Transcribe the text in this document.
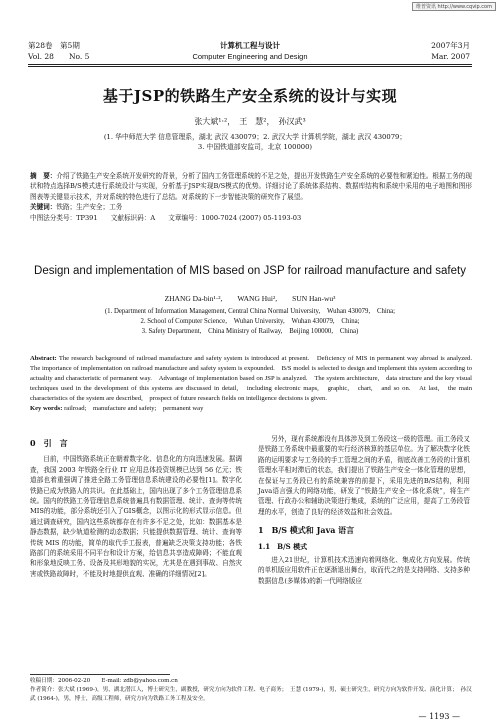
维普资讯 http://www.cqvip.com
第28卷　第5期
Vol. 28　　No. 5
计算机工程与设计
Computer Engineering and Design
2007年3月
Mar. 2007
基于JSP的铁路生产安全系统的设计与实现
张大斌¹·²，　王　慧²，　孙汉武³
(1. 华中师范大学 信息管理系，湖北 武汉 430079；2. 武汉大学 计算机学院，湖北 武汉 430079；
3. 中国铁道部安监司，北京 100000)
摘　要：介绍了铁路生产安全系统开发研究的背景，分析了国内工务管理系统的不足之处，提出开发铁路生产安全系统的必要性和紧迫性。根据工务的现状和特点选择B/S模式进行系统设计与实现，分析基于JSP实现B/S模式的优势。详细讨论了系统体系结构、数据库结构和系统中采用的电子地图和图形图表等关键显示技术，并对系统的特色进行了总结。对系统的下一步智能决策的研究作了展望。
关键词：铁路；生产安全；工务
中图法分类号：TP391　　文献标识码：A　　文章编号：1000-7024 (2007) 05-1193-03
Design and implementation of MIS based on JSP for railroad manufacture and safety
ZHANG Da-bin¹·²,　　WANG Hui²,　　SUN Han-wu³
(1. Department of Information Management, Central China Normal University,　Wuhan 430079,　China;
2. School of Computer Science,　Wuhan University,　Wuhan 430079,　China;
3. Safety Department,　China Ministry of Railway,　Beijing 100000,　China)
Abstract: The research background of railroad manufacture and safety system is introduced at present.　Deficiency of MIS in permanent way abroad is analyzed.　The importance of implementation on railroad manufacture and safety system is expounded.　B/S model is selected to design and implement this system according to actuality and characteristic of permanent way.　Advantage of implementation based on JSP is analyzed.　The system architecture,　data structure and the key visual techniques used in the development of this systems are discussed in detail,　including electronic maps,　graphic,　chart,　and so on.　At last,　the main characteristics of the system are described,　prospect of future research fields on intelligence decisions is given.
Key words: railroad;　manufacture and safety;　permanent way
0　引　言

目前，中国铁路系统正在朝着数字化、信息化的方向迅速发展。据调查，我国 2003 年铁路全行业 IT 应用总体投资规模已达到 56 亿元；铁道部也着重强调了推进全路工务管理信息系统建设的必要性[1]。数字化铁路已成为铁路人的共识。在此基础上，国内出现了多个工务管理信息系统。国内的铁路工务管理信息系统普遍具有数据管理、统计、查询等传统MIS的功能，部分系统还引入了GIS概念，以图示化的形式显示信息。但通过调查研究，国内这些系统都存在有许多不足之处，比如：数据基本是静态数据，缺少轨道检测的动态数据；只能提供数据管理、统计、查询等传统 MIS 的功能，简单的取代手工报表，普遍缺乏决策支持功能；各铁路部门的系统采用不同平台和设计方案，给信息共享造成障碍；不能直观和形象地反映工务、设备及其形地貌的实况，尤其是在遇到事故、自然灾害或铁路故障时，不能及时地提供直观、准确的详细情况[2]。

另外，现有系统都没有具体涉及到工务段这一级的管理。而工务段又是铁路工务系统中最重要的实行经济核算的基层单位。为了解决数字化铁路的运明要求与工务段的手工管理之间的矛盾，彻底改善工务段的计算机管理水平相对滞后的状态，我们提出了铁路生产安全一体化管理的思想，在保证与工务段已有的系统兼容的前提下，采用先进的B/S结构，利用Java语言强大的网络功能，研发了“铁路生产安全一体化系统”，将生产管理、行政办公和辅助决策进行集成，系统的广泛应用，提高了工务段管理的水平，创造了良好的经济效益和社会效益。

1　B/S 模式和 Java 语言
1.1　B/S 模式

进入21世纪，计算机技术迅速向着网络化、集成化方向发展。传统的单机版应用软件正在逐渐退出舞台，取而代之的是支持网络、支持多种数据信息(多媒体)的新一代网络版应

收稿日期：2006-02-20　　E-mail: zdb@yahoo.com.cn
作者简介：张大斌 (1969-)，男，湖北潜江人，博士研究生，副教授，研究方向为软件工程、电子商务；　王慧 (1979-)，男，硕士研究生，研究方向为软件开发、演化计算；　孙汉武 (1964-)，男，博士，高级工程师，研究方向为铁路工务工程及安全。
— 1193 —
